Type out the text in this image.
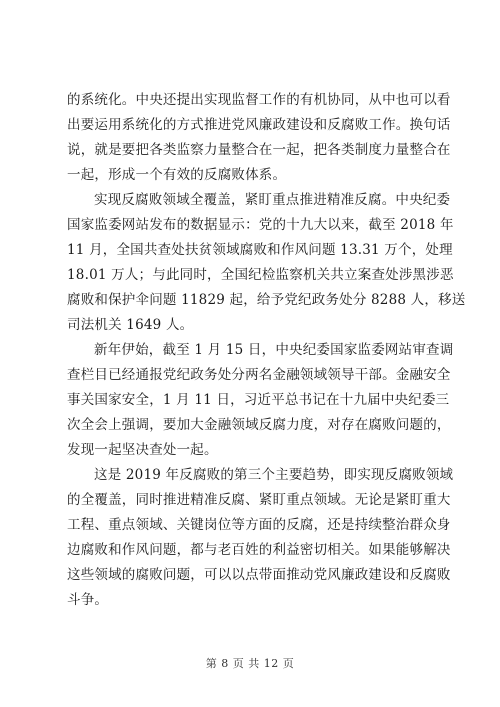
的系统化。中央还提出实现监督工作的有机协同，从中也可以看
出要运用系统化的方式推进党风廉政建设和反腐败工作。换句话
说，就是要把各类监察力量整合在一起，把各类制度力量整合在
一起，形成一个有效的反腐败体系。
实现反腐败领域全覆盖，紧盯重点推进精准反腐。中央纪委
国家监委网站发布的数据显示：党的十九大以来，截至 2018 年
11 月，全国共查处扶贫领域腐败和作风问题 13.31 万个，处理
18.01 万人；与此同时，全国纪检监察机关共立案查处涉黑涉恶
腐败和保护伞问题 11829 起，给予党纪政务处分 8288 人，移送
司法机关 1649 人。
新年伊始，截至 1 月 15 日，中央纪委国家监委网站审查调
查栏目已经通报党纪政务处分两名金融领域领导干部。金融安全
事关国家安全，1 月 11 日，习近平总书记在十九届中央纪委三
次全会上强调，要加大金融领域反腐力度，对存在腐败问题的，
发现一起坚决查处一起。
这是 2019 年反腐败的第三个主要趋势，即实现反腐败领域
的全覆盖，同时推进精准反腐、紧盯重点领域。无论是紧盯重大
工程、重点领域、关键岗位等方面的反腐，还是持续整治群众身
边腐败和作风问题，都与老百姓的利益密切相关。如果能够解决
这些领域的腐败问题，可以以点带面推动党风廉政建设和反腐败
斗争。
第 8 页 共 12 页
